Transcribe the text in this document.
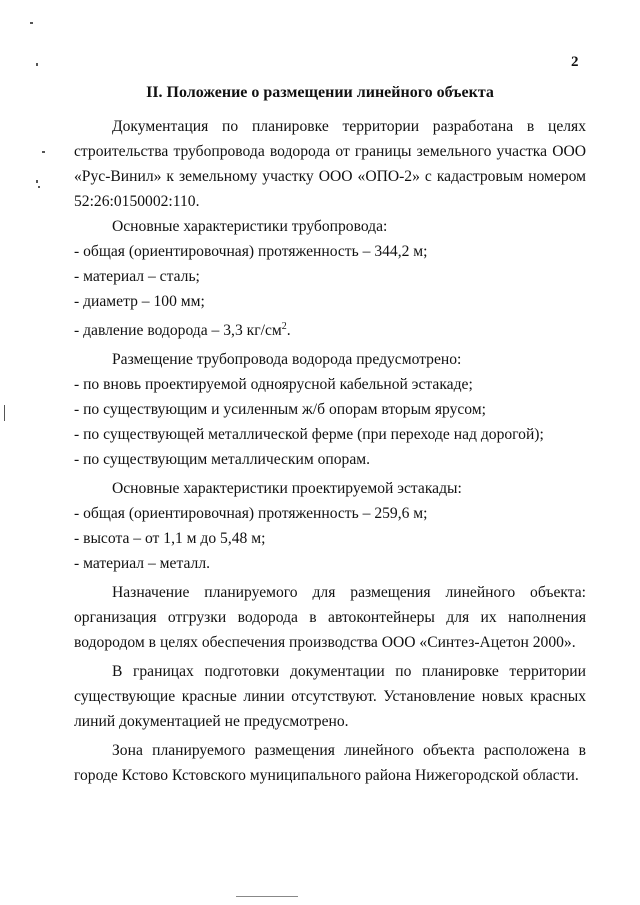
2
II. Положение о размещении линейного объекта

Документация по планировке территории разработана в целях строительства трубопровода водорода от границы земельного участка ООО «Рус-Винил» к земельному участку ООО «ОПО-2» с кадастровым номером 52:26:0150002:110.

Основные характеристики трубопровода:

- общая (ориентировочная) протяженность – 344,2 м;

- материал – сталь;

- диаметр – 100 мм;

- давление водорода – 3,3 $кг/см^2$.

Размещение трубопровода водорода предусмотрено:

- по вновь проектируемой одноярусной кабельной эстакаде;

- по существующим и усиленным ж/б опорам вторым ярусом;

- по существующей металлической ферме (при переходе над дорогой);

- по существующим металлическим опорам.

Основные характеристики проектируемой эстакады:

- общая (ориентировочная) протяженность – 259,6 м;

- высота – от 1,1 м до 5,48 м;

- материал – металл.

Назначение планируемого для размещения линейного объекта: организация отгрузки водорода в автоконтейнеры для их наполнения водородом в целях обеспечения производства ООО «Синтез-Ацетон 2000».

В границах подготовки документации по планировке территории существующие красные линии отсутствуют. Установление новых красных линий документацией не предусмотрено.

Зона планируемого размещения линейного объекта расположена в городе Кстово Кстовского муниципального района Нижегородской области.
